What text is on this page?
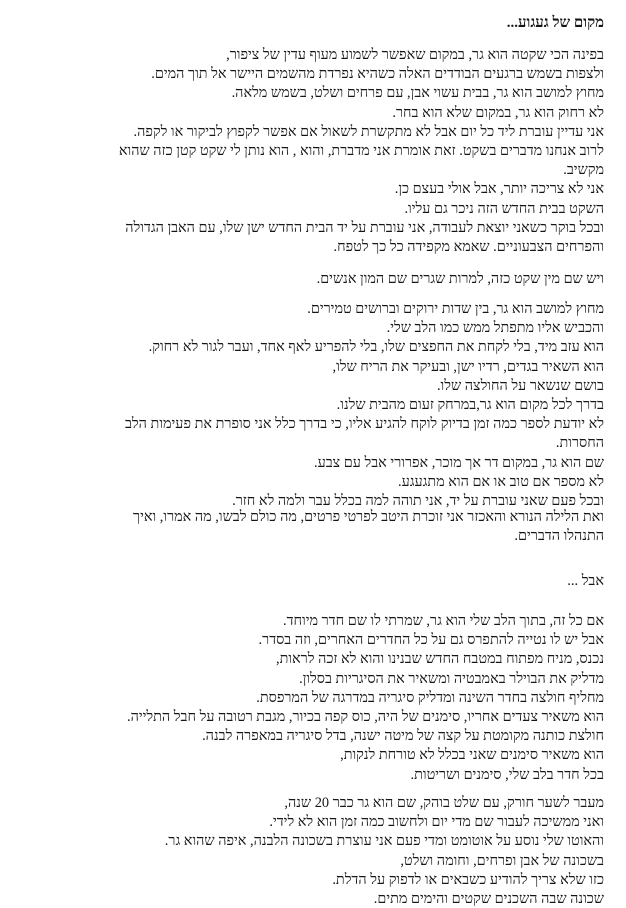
מקום של געגוע...
בפינה הכי שקטה הוא גר, במקום שאפשר לשמוע מעוף עדין של ציפור,
ולצפות בשמש ברגעים הבודדים האלה כשהיא נפרדת מהשמים היישר אל תוך המים.
מחוץ למושב הוא גר, בבית עשוי אבן, עם פרחים ושלט, בשמש מלאה.
לא רחוק הוא גר, במקום שלא הוא בחר.
אני עדיין עוברת ליד כל יום אבל לא מתקשרת לשאול אם אפשר לקפוץ לביקור או לקפה.
לרוב אנחנו מדברים בשקט. זאת אומרת אני מדברת, והוא , הוא נותן לי שקט קטן כזה שהוא
מקשיב.
אני לא צריכה יותר, אבל אולי בעצם כן.
השקט בבית החדש הזה ניכר גם עליו.
ובכל בוקר כשאני יוצאת לעבודה, אני עוברת על יד הבית החדש ישן שלו, עם האבן הגדולה
והפרחים הצבעוניים. שאמא מקפידה כל כך לטפח.
ויש שם מין שקט כזה, למרות שגרים שם המון אנשים.
מחוץ למושב הוא גר, בין שדות ירוקים וברושים טמירים.
והכביש אליו מתפתל ממש כמו הלב שלי.
הוא עזב מיד, בלי לקחת את החפצים שלו, בלי להפריע לאף אחד, ועבר לגור לא רחוק.
הוא השאיר בגדים, רדיו ישן, ובעיקר את הריח שלו,
בושם שנשאר על החולצה שלו.
בדרך לכל מקום הוא גר,במרחק זעום מהבית שלנו.
לא יודעת לספר כמה זמן בדיוק לוקח להגיע אליו, כי בדרך כלל אני סופרת את פעימות הלב
החסרות.
שם הוא גר, במקום דר אך מוכר, אפרורי אבל עם צבע.
לא מספר אם טוב או אם הוא מתגעגע.
ובכל פעם שאני עוברת על יד, אני תוהה למה בכלל עבר ולמה לא חזר.
ואת הלילה הנורא והאכזר אני זוכרת היטב לפרטי פרטים, מה כולם לבשו, מה אמרו, ואיך
התנהלו הדברים.
אבל ...
אם כל זה, בתוך הלב שלי הוא גר, שמרתי לו שם חדר מיוחד.
אבל יש לו נטייה להתפרס גם על כל החדרים האחרים, וזה בסדר.
נכנס, מניח מפתוח במטבח החדש שבנינו והוא לא זכה לראות,
מדליק את הבוילר באמבטיה ומשאיר את הסיגריות בסלון.
מחליף חולצה בחדר השינה ומדליק סיגריה במדרגה של המרפסת.
הוא משאיר צעדים אחריו, סימנים של היה, כוס קפה בכיור, מגבת רטובה על חבל התלייה.
חולצת כותנה מקומטת על קצה של מיטה ישנה, בדל סיגריה במאפרה לבנה.
הוא משאיר סימנים שאני בכלל לא טורחת לנקות,
בכל חדר בלב שלי, סימנים ושריטות.
מעבר לשער חורק, עם שלט בוהק, שם הוא גר כבר 20 שנה,
ואני ממשיכה לעבור שם מדי יום ולחשוב כמה זמן הוא לא לידי.
והאוטו שלי נוסע על אוטומט ומדי פעם אני עוצרת בשכונה הלבנה, איפה שהוא גר.
בשכונה של אבן ופרחים, וחומה ושלט,
כזו שלא צריך להודיע כשבאים או לדפוק על הדלת.
שכונה שבה השכנים שקטים והימים מתים.
